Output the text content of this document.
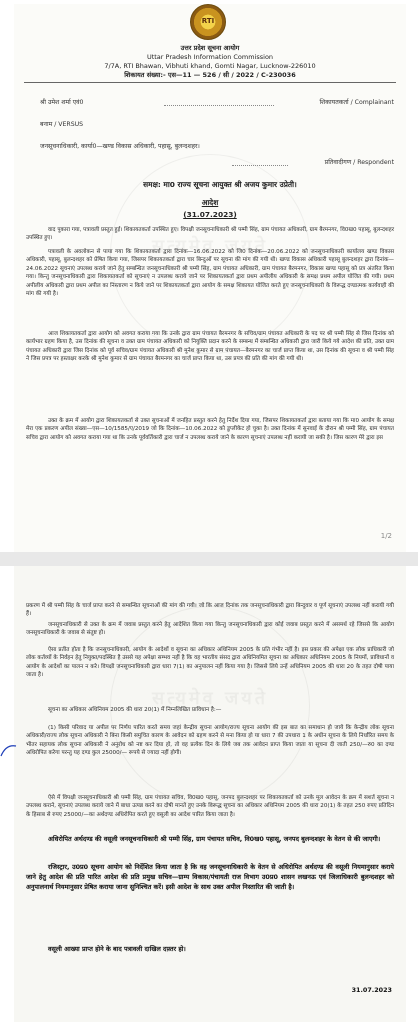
RTI
उत्तर प्रदेश सूचना आयोग
Uttar Pradesh Information Commission
7/7A, RTI Bhawan, Vibhuti khand, Gomti Nagar, Lucknow-226010
शिकायत संख्या:- एस—11 — 526 / सी / 2022 / C-230036
श्री उमेश शर्मा एवं0	शिकायतकर्ता / Complainant
बनाम / VERSUS
जनसूचनाधिकारी, कार्या0—खण्ड विकास अधिकारी, पहासू, बुलन्दशहर।
प्रतिवादीगण / Respondent
समक्ष: मा0 राज्य सूचना आयुक्त श्री अजय कुमार उप्रेती।
आदेश
(31.07.2023)
वाद पुकारा गया, पत्रावली प्रस्तुत हुई। शिकायतकर्ता उपस्थित हुए। विपक्षी जनसूचनाधिकारी श्री पम्मी सिंह, ग्राम पंचायत अधिकारी, ग्राम बैरमनगर, वि0ख0 पहासू, बुलन्दशहर उपस्थित हुए।
पत्रावली के अवलोकन से पाया गया कि शिकायतकर्ता द्वारा दिनांक—16.06.2022 को जि0 दिनांक—20.06.2022 को जनसूचनाधिकारी कार्यालय खण्ड विकास अधिकारी, पहासू, बुलन्दशहर को प्रेषित किया गया, जिसपर शिकायतकर्ता द्वारा चार बिन्दुओं पर सूचना की मांग की गयी थी। खण्ड विकास अधिकारी पहासू बुलन्दशहर द्वारा दिनांक—24.06.2022 सूचनाएं उपलब्ध कराये जाने हेतु सम्बन्धित जनसूचनाधिकारी श्री पम्मी सिंह, ग्राम पंचायत अधिकारी, ग्राम पंचायत बैरमनगर, विकास खण्ड पहासू को प्रत्र अंतरित किया गया। किन्तु जनसूचनाधिकारी द्वारा शिकायतकर्ता को सूचनाएं न उपलब्ध कराये जाने पर शिकायतकर्ता द्वारा प्रथम अपीलीय अधिकारी के समक्ष प्रथम अपील योजित की गयी। प्रथम अपीलीय अधिकारी द्वारा प्रथम अपील का निस्तारण न किये जाने पर शिकायतकर्ता द्वारा आयोग के समक्ष शिकायत योजित करते हुए जनसूचनाधिकारी के विरूद्ध दण्डात्मक कार्यवाही की मांग की गयी है।
आज शिकायतकर्ता द्वारा आयोग को अवगत कराया गया कि उनके द्वारा ग्राम पंचायत बैरमनगर के सचिव/ग्राम पंचायत अधिकारी के पद पर श्री पम्मी सिंह से जिस दिनांक को कार्यभार ग्रहण किया है, उस दिनांक की सूचना व उक्त ग्राम पंचायत अधिकारी को नियुक्ति प्रदान करने के सम्बन्ध में सम्बन्धित अधिकारी द्वारा जारी किये गये आदेश की प्रति, उक्त ग्राम पंचायत अधिकारी द्वारा जिस दिनांक को पूर्व सचिव/ग्राम पंचायत अधिकारी श्री मुनेश कुमार से ग्राम पंचायत—बैरमनगर का चार्ज प्राप्त किया था, उस दिनांक की सूचना व श्री पम्मी सिंह ने जिस प्रपत्र पर हस्ताक्षर करके श्री मुनेश कुमार से ग्राम पंचायत बैरमनगर का चार्ज प्राप्त किया था, उस प्रपत्र की प्रति की मांग की गयी थी।
उक्त के क्रम में आयोग द्वारा शिकायतकर्ता से उक्त सूचनाओं में जनहित प्रस्तुत करने हेतु निर्देश दिया गया, जिसपर शिकायतकर्ता द्वारा बताया गया कि मा0 आयोग के समक्ष मेरा एक प्रकरण अपील संख्या—एस—10/1585/ए/2019 जो कि दिनांक—10.06.2022 को डुप्लीकेट हो चुका है। उक्त दिनांक में सुनवाई के दौरान श्री पम्मी सिंह, ग्राम पंचायत सचिव द्वारा आयोग को अवगत कराया गया था कि उनके पूर्ववर्तिकारी द्वारा चार्ज न उपलब्ध कराये जाने के कारण सूचनाएं उपलब्ध नहीं करायी जा सकी है। जिस कारण मेरे द्वारा इस
1/2
प्रकरण में श्री पम्मी सिंह के चार्ज प्राप्त करने से सम्बन्धित सूचनाओं की मांग की गयी। जो कि आज दिनांक तक जनसूचनाधिकारी द्वारा बिन्दुवार व पूर्ण सूचनाएं उपलब्ध नहीं करायी गयी हैं।
जनसूचनाधिकारी से उक्त के क्रम में जवाब प्रस्तुत करने हेतु आदेशित किया गया किन्तु जनसूचनाधिकारी द्वारा कोई जवाब प्रस्तुत करने में असमर्थ रहे जिससे कि आयोग जनसूचनाधिकारी के जवाब से संतुष्ट हो।
ऐसा प्रतीत होता है कि जनसूचनाधिकारी, आयोग के आदेशों व सूचना का अधिकार अधिनियम 2005 के प्रति गंभीर नहीं है। इस प्रकार की अपेक्षा एक लोक प्राधिकारी जो लोक कर्तव्यों के निर्वहन हेतु नियुक्त/पदस्थित है उससे यह अपेक्षा सम्भव नहीं है कि वह भारतीय संसद द्वारा अधिनियमित सूचना का अधिकार अधिनियम 2005 के नियमों, प्राविधानों व आयोग के आदेशों का पालन न करे। विपक्षी जनसूचनाधिकारी द्वारा धारा 7(1) का अनुपालन नहीं किया गया है। जिससे लिये उन्हें अधिनियम 2005 की धारा 20 के तहत दोषी पाया जाता है।
सूचना का अधिकार अधिनियम 2005 की धारा 20(1) में निम्नलिखित प्राविधान है:—
(1) किसी परिवाद या अपील पर निर्णय पारित करते समय जहां केन्द्रीय सूचना आयोग/राज्य सूचना आयोग की इस बात का समाधान हो जाये कि केन्द्रीय लोक सूचना अधिकारी/राज्य लोक सूचना अधिकारी ने बिना किसी समुचित कारण के आवेदन को ग्रहण करने से मना किया हो या धारा 7 की उपधारा 1 के अधीन सूचना के लिये निर्धारित समय के भीतर सहायक लोक सूचना अधिकारी ने अनुरोध को नष्ट कर दिया हो, तो वह प्रत्येक दिन के लिये जब तक आवेदन प्राप्त किया जाता या सूचना दी जाती 250/—रु0 का दण्ड अधिरोपित करेगा परन्तु यह दण्ड कुल 25000/— रूपये से ज्यादा नहीं होगी।
ऐसे में विपक्षी जनसूचनाधिकारी श्री पम्मी सिंह, ग्राम पंचायत सचिव, वि0ख0 पहासू, जनपद बुलन्दशहर पर शिकायतकर्ता को उनके मूल आवेदन के क्रम में सशर्त सूचना न उपलब्ध कराने, सूचनाएं उपलब्ध कराये जाने में बाधा उत्पन्न करने का दोषी मानते हुए उनके विरूद्ध सूचना का अधिकार अधिनियम 2005 की धारा 20(1) के तहत 250 रुपए प्रतिदिन के हिसाब से रुपए 25000/—का अर्थदण्ड अधिरोपित करते हुए वसूली का आदेश पारित किया जाता है।
अधिरोपित अर्थदण्ड की वसूली जनसूचनाधिकारी श्री पम्मी सिंह, ग्राम पंचायत सचिव, वि0ख0 पहासू, जनपद बुलन्दशहर के वेतन से की जाएगी।
रजिस्ट्रार, उ0प्र0 सूचना आयोग को निर्देशित किया जाता है कि वह जनसूचनाधिकारी के वेतन से अधिरोपित अर्थदण्ड की वसूली नियमानुसार कराये जाने हेतु आदेश की प्रति पारित आदेश की प्रति प्रमुख सचिव—ग्राम्य विकास/पंचायती राज विभाग उ0प्र0 शासन लखनऊ एवं जिलाधिकारी बुलन्दशहर को अनुपालनार्थ नियमानुसार प्रेषित कराया जाना सुनिश्चित करें। इसी आदेश के साथ उक्त अपील निस्तारित की जाती है।
वसूली आख्या प्राप्त होने के बाद पत्रावली दाखिल दफ़्तर हो।
31.07.2023
